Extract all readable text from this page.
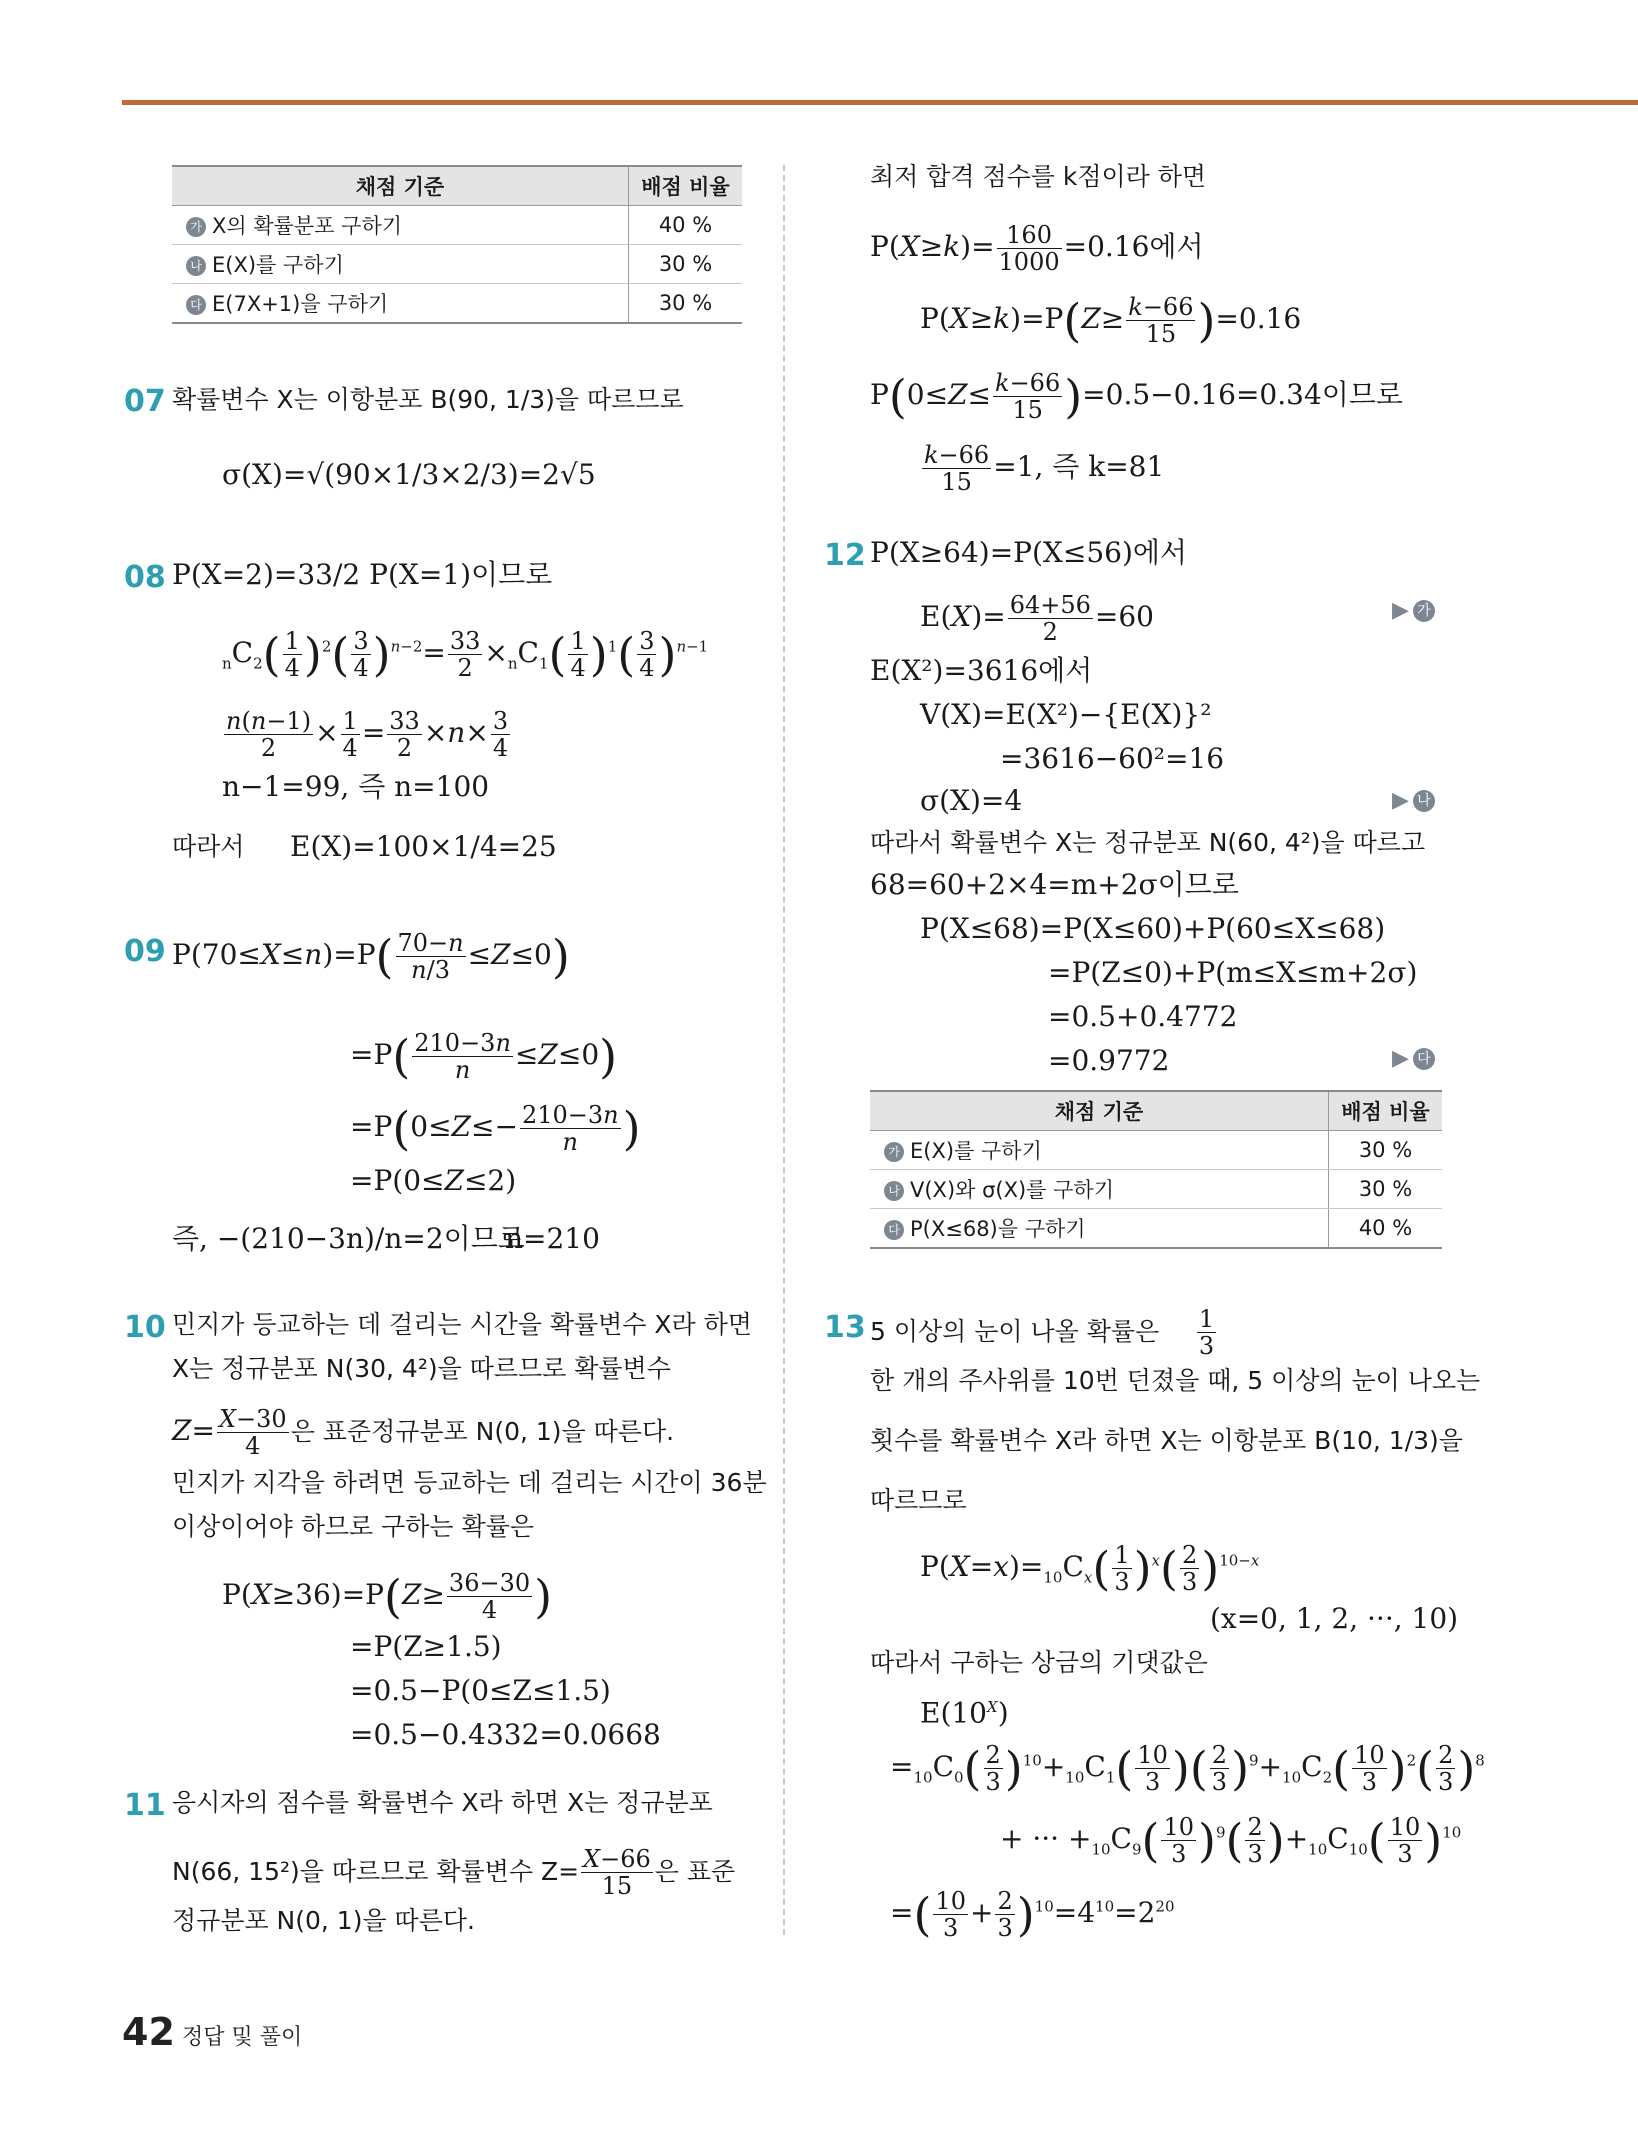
채점 기준	배점 비율
가 X의 확률분포 구하기	40 %
나 E(X)를 구하기	30 %
다 E(7X+1)을 구하기	30 %
07 확률변수 X는 이항분포 B(90, 1/3)을 따르므로
σ(X)=√(90×1/3×2/3)=2√5
08 P(X=2)=33/2 P(X=1)이므로
$_nC_2( \frac{1}{4} )^2( \frac{3}{4} )^{n-2}= \frac{33}{2} \times_nC_1( \frac{1}{4} )^1( \frac{3}{4} )^{n-1}$
$\frac{n(n-1)}{2} \times \frac{1}{4} = \frac{33}{2} \times n\times \frac{3}{4}$
n−1=99, 즉 n=100
따라서 E(X)=100×1/4=25
09 $P(70\le X\le n)=P( \frac{70-n}{n/3} \le Z\le 0)$
$=P( \frac{210-3n}{n} \le Z\le 0)$
$=P(0\le Z\le- \frac{210-3n}{n}$ )
=P(0≤Z≤2)
즉, −(210−3n)/n=2이므로
n=210
10 민지가 등교하는 데 걸리는 시간을 확률변수 X라 하면
X는 정규분포 N(30, 4²)을 따르므로 확률변수
$Z= \frac{X-30}{4}$ 은 표준정규분포 N(0, 1)을 따른다.
민지가 지각을 하려면 등교하는 데 걸리는 시간이 36분
이상이어야 하므로 구하는 확률은
$P(X\ge 36)=P(Z\ge \frac{36-30}{4}$ )
=P(Z≥1.5)
=0.5−P(0≤Z≤1.5)
=0.5−0.4332=0.0668
11 응시자의 점수를 확률변수 X라 하면 X는 정규분포
N(66, 15²)을 따르므로 확률변수 $Z= \frac{X-66}{15}$ 은 표준
정규분포 N(0, 1)을 따른다.
최저 합격 점수를 k점이라 하면
$P(X\ge k)= \frac{160}{1000} =0.16$에서
$P(X\ge k)=P(Z\ge \frac{k-66}{15} )=0.16$
$P(0\le Z\le \frac{k-66}{15} )=0.5-0.16=0.34$이므로
$\frac{k-66}{15} =1$, 즉 k=81
12 P(X≥64)=P(X≤56)에서
$E(X)= \frac{64+56}{2} =60$	▶ 가
E(X²)=3616에서
V(X)=E(X²)−{E(X)}²
=3616−60²=16
σ(X)=4	▶ 나
따라서 확률변수 X는 정규분포 N(60, 4²)을 따르고
68=60+2×4=m+2σ이므로
P(X≤68)=P(X≤60)+P(60≤X≤68)
=P(Z≤0)+P(m≤X≤m+2σ)
=0.5+0.4772
=0.9772	▶ 다
채점 기준	배점 비율
가 E(X)를 구하기	30 %
나 V(X)와 σ(X)를 구하기	30 %
다 P(X≤68)을 구하기	40 %
13 5 이상의 눈이 나올 확률은 $\frac{1}{3}$
한 개의 주사위를 10번 던졌을 때, 5 이상의 눈이 나오는
횟수를 확률변수 X라 하면 X는 이항분포 B(10, 1/3)을
따르므로
$P(X=x)=_{10}C_x( \frac{1}{3} )^x( \frac{2}{3} )^{10-x}$
(x=0, 1, 2, ···, 10)
따라서 구하는 상금의 기댓값은
$E(10^X)$
$=_{10}C_0( \frac{2}{3} )^{10}+_{10}C_1( \frac{10}{3}$ )( $\frac{2}{3} )^9+_{10}C_2( \frac{10}{3} )^2( \frac{2}{3} )^8$
+ ··· $+_{10}C_9( \frac{10}{3} )^9( \frac{2}{3} )+_{10}C_{10}( \frac{10}{3} )^{10}$
=( $\frac{10}{3} + \frac{2}{3} )^{10}=4^{10}=2^{20}$
42 정답 및 풀이
